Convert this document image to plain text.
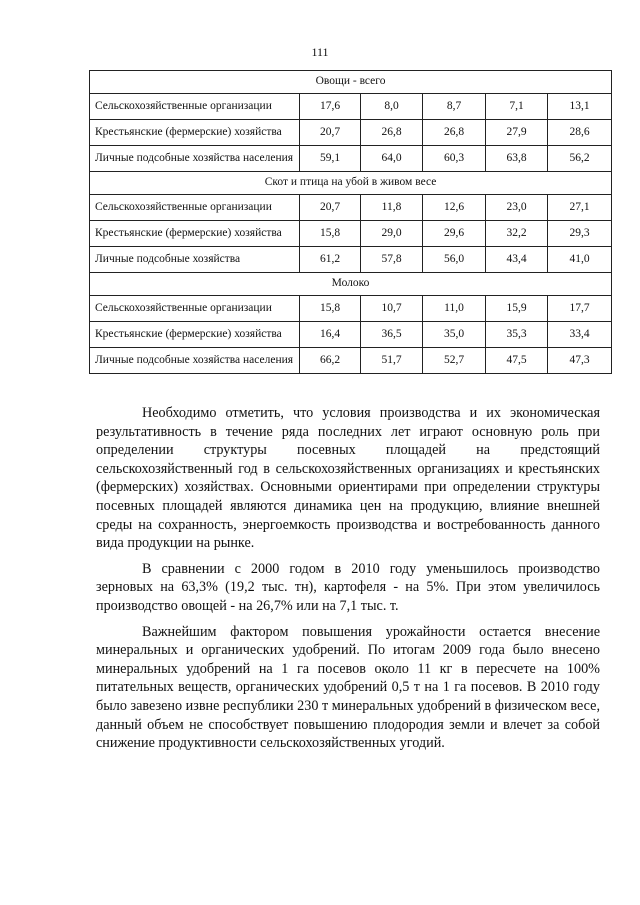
111
Овощи - всего					
Сельскохозяйственные организации	17,6	8,0	8,7	7,1	13,1
Крестьянские (фермерские) хозяйства	20,7	26,8	26,8	27,9	28,6
Личные подсобные хозяйства населения	59,1	64,0	60,3	63,8	56,2
Скот и птица на убой в живом весе					
Сельскохозяйственные организации	20,7	11,8	12,6	23,0	27,1
Крестьянские (фермерские) хозяйства	15,8	29,0	29,6	32,2	29,3
Личные подсобные хозяйства	61,2	57,8	56,0	43,4	41,0
Молоко					
Сельскохозяйственные организации	15,8	10,7	11,0	15,9	17,7
Крестьянские (фермерские) хозяйства	16,4	36,5	35,0	35,3	33,4
Личные подсобные хозяйства населения	66,2	51,7	52,7	47,5	47,3

Необходимо отметить, что условия производства и их экономическая результативность в течение ряда последних лет играют основную роль при определении структуры посевных площадей на предстоящий сельскохозяйственный год в сельскохозяйственных организациях и крестьянских (фермерских) хозяйствах. Основными ориентирами при определении структуры посевных площадей являются динамика цен на продукцию, влияние внешней среды на сохранность, энергоемкость производства и востребованность данного вида продукции на рынке.

В сравнении с 2000 годом в 2010 году уменьшилось производство зерновых на 63,3% (19,2 тыс. тн), картофеля - на 5%. При этом увеличилось производство овощей - на 26,7% или на 7,1 тыс. т.

Важнейшим фактором повышения урожайности остается внесение минеральных и органических удобрений. По итогам 2009 года было внесено минеральных удобрений на 1 га посевов около 11 кг в пересчете на 100% питательных веществ, органических удобрений 0,5 т на 1 га посевов. В 2010 году было завезено извне республики 230 т минеральных удобрений в физическом весе, данный объем не способствует повышению плодородия земли и влечет за собой снижение продуктивности сельскохозяйственных угодий.
